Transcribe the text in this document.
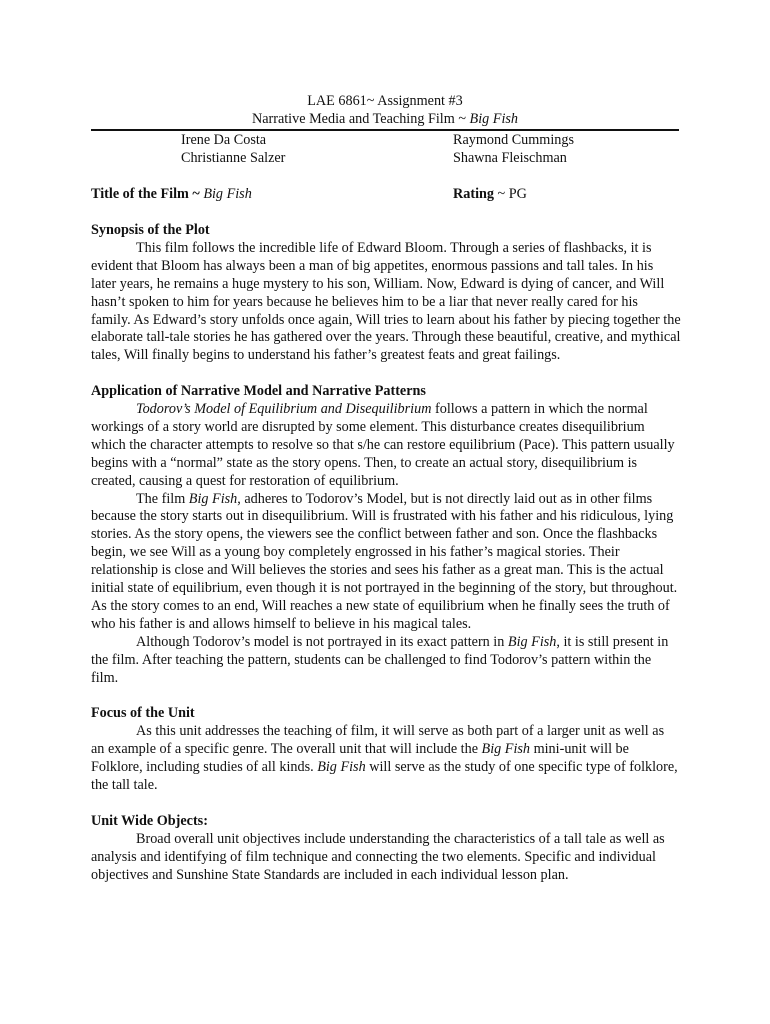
LAE 6861~ Assignment #3
Narrative Media and Teaching Film ~ Big Fish
Irene Da Costa	Raymond Cummings
Christianne Salzer	Shawna Fleischman
Title of the Film ~ Big Fish	Rating ~ PG

Synopsis of the Plot

This film follows the incredible life of Edward Bloom. Through a series of flashbacks, it is evident that Bloom has always been a man of big appetites, enormous passions and tall tales. In his later years, he remains a huge mystery to his son, William. Now, Edward is dying of cancer, and Will hasn’t spoken to him for years because he believes him to be a liar that never really cared for his family. As Edward’s story unfolds once again, Will tries to learn about his father by piecing together the elaborate tall-tale stories he has gathered over the years. Through these beautiful, creative, and mythical tales, Will finally begins to understand his father’s greatest feats and great failings.

Application of Narrative Model and Narrative Patterns

Todorov’s Model of Equilibrium and Disequilibrium follows a pattern in which the normal workings of a story world are disrupted by some element. This disturbance creates disequilibrium which the character attempts to resolve so that s/he can restore equilibrium (Pace). This pattern usually begins with a “normal” state as the story opens. Then, to create an actual story, disequilibrium is created, causing a quest for restoration of equilibrium.

The film Big Fish, adheres to Todorov’s Model, but is not directly laid out as in other films because the story starts out in disequilibrium. Will is frustrated with his father and his ridiculous, lying stories. As the story opens, the viewers see the conflict between father and son. Once the flashbacks begin, we see Will as a young boy completely engrossed in his father’s magical stories. Their relationship is close and Will believes the stories and sees his father as a great man. This is the actual initial state of equilibrium, even though it is not portrayed in the beginning of the story, but throughout. As the story comes to an end, Will reaches a new state of equilibrium when he finally sees the truth of who his father is and allows himself to believe in his magical tales.

Although Todorov’s model is not portrayed in its exact pattern in Big Fish, it is still present in the film. After teaching the pattern, students can be challenged to find Todorov’s pattern within the film.

Focus of the Unit

As this unit addresses the teaching of film, it will serve as both part of a larger unit as well as an example of a specific genre. The overall unit that will include the Big Fish mini-unit will be Folklore, including studies of all kinds. Big Fish will serve as the study of one specific type of folklore, the tall tale.

Unit Wide Objects:

Broad overall unit objectives include understanding the characteristics of a tall tale as well as analysis and identifying of film technique and connecting the two elements. Specific and individual objectives and Sunshine State Standards are included in each individual lesson plan.
